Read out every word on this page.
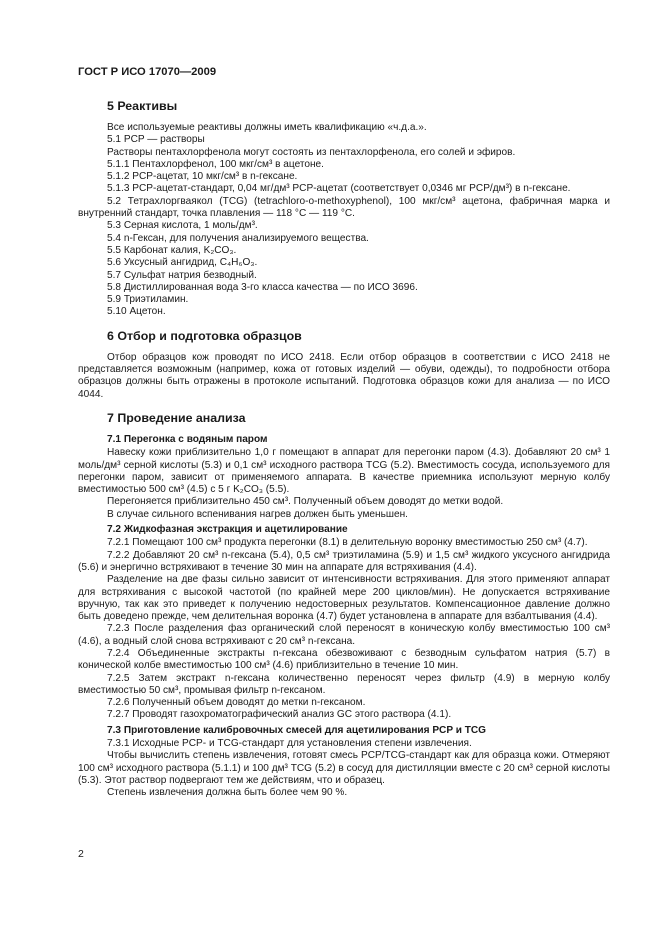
ГОСТ Р ИСО 17070—2009

5 Реактивы

Все используемые реактивы должны иметь квалификацию «ч.д.а.».

5.1 PCP — растворы

Растворы пентахлорфенола могут состоять из пентахлорфенола, его солей и эфиров.

5.1.1 Пентахлорфенол, 100 мкг/см³ в ацетоне.

5.1.2 PCP-ацетат, 10 мкг/см³ в n-гексане.

5.1.3 PCP-ацетат-стандарт, 0,04 мг/дм³ PCP-ацетат (соответствует 0,0346 мг PCP/дм³) в n-гексане.

5.2 Тетрахлоргваякол (TCG) (tetrachloro-o-methoxyphenol), 100 мкг/см³ ацетона, фабричная марка и внутренний стандарт, точка плавления — 118 °C — 119 °C.

5.3 Серная кислота, 1 моль/дм³.

5.4 n-Гексан, для получения анализируемого вещества.

5.5 Карбонат калия, K₂CO₃.

5.6 Уксусный ангидрид, C₄H₆O₃.

5.7 Сульфат натрия безводный.

5.8 Дистиллированная вода 3-го класса качества — по ИСО 3696.

5.9 Триэтиламин.

5.10 Ацетон.

6 Отбор и подготовка образцов

Отбор образцов кож проводят по ИСО 2418. Если отбор образцов в соответствии с ИСО 2418 не представляется возможным (например, кожа от готовых изделий — обуви, одежды), то подробности отбора образцов должны быть отражены в протоколе испытаний. Подготовка образцов кожи для анализа — по ИСО 4044.

7 Проведение анализа

7.1 Перегонка с водяным паром

Навеску кожи приблизительно 1,0 г помещают в аппарат для перегонки паром (4.3). Добавляют 20 см³ 1 моль/дм³ серной кислоты (5.3) и 0,1 см³ исходного раствора TCG (5.2). Вместимость сосуда, используемого для перегонки паром, зависит от применяемого аппарата. В качестве приемника используют мерную колбу вместимостью 500 см³ (4.5) с 5 г K₂CO₃ (5.5).

Перегоняется приблизительно 450 см³. Полученный объем доводят до метки водой.

В случае сильного вспенивания нагрев должен быть уменьшен.

7.2 Жидкофазная экстракция и ацетилирование

7.2.1 Помещают 100 см³ продукта перегонки (8.1) в делительную воронку вместимостью 250 см³ (4.7).

7.2.2 Добавляют 20 см³ n-гексана (5.4), 0,5 см³ триэтиламина (5.9) и 1,5 см³ жидкого уксусного ангидрида (5.6) и энергично встряхивают в течение 30 мин на аппарате для встряхивания (4.4).

Разделение на две фазы сильно зависит от интенсивности встряхивания. Для этого применяют аппарат для встряхивания с высокой частотой (по крайней мере 200 циклов/мин). Не допускается встряхивание вручную, так как это приведет к получению недостоверных результатов. Компенсационное давление должно быть доведено прежде, чем делительная воронка (4.7) будет установлена в аппарате для взбалтывания (4.4).

7.2.3 После разделения фаз органический слой переносят в коническую колбу вместимостью 100 см³ (4.6), а водный слой снова встряхивают с 20 см³ n-гексана.

7.2.4 Объединенные экстракты n-гексана обезвоживают с безводным сульфатом натрия (5.7) в конической колбе вместимостью 100 см³ (4.6) приблизительно в течение 10 мин.

7.2.5 Затем экстракт n-гексана количественно переносят через фильтр (4.9) в мерную колбу вместимостью 50 см³, промывая фильтр n-гексаном.

7.2.6 Полученный объем доводят до метки n-гексаном.

7.2.7 Проводят газохроматографический анализ GC этого раствора (4.1).

7.3 Приготовление калибровочных смесей для ацетилирования PCP и TCG

7.3.1 Исходные PCP- и TCG-стандарт для установления степени извлечения.

Чтобы вычислить степень извлечения, готовят смесь PCP/TCG-стандарт как для образца кожи. Отмеряют 100 см³ исходного раствора (5.1.1) и 100 дм³ TCG (5.2) в сосуд для дистилляции вместе с 20 см³ серной кислоты (5.3). Этот раствор подвергают тем же действиям, что и образец.

Степень извлечения должна быть более чем 90 %.

2
